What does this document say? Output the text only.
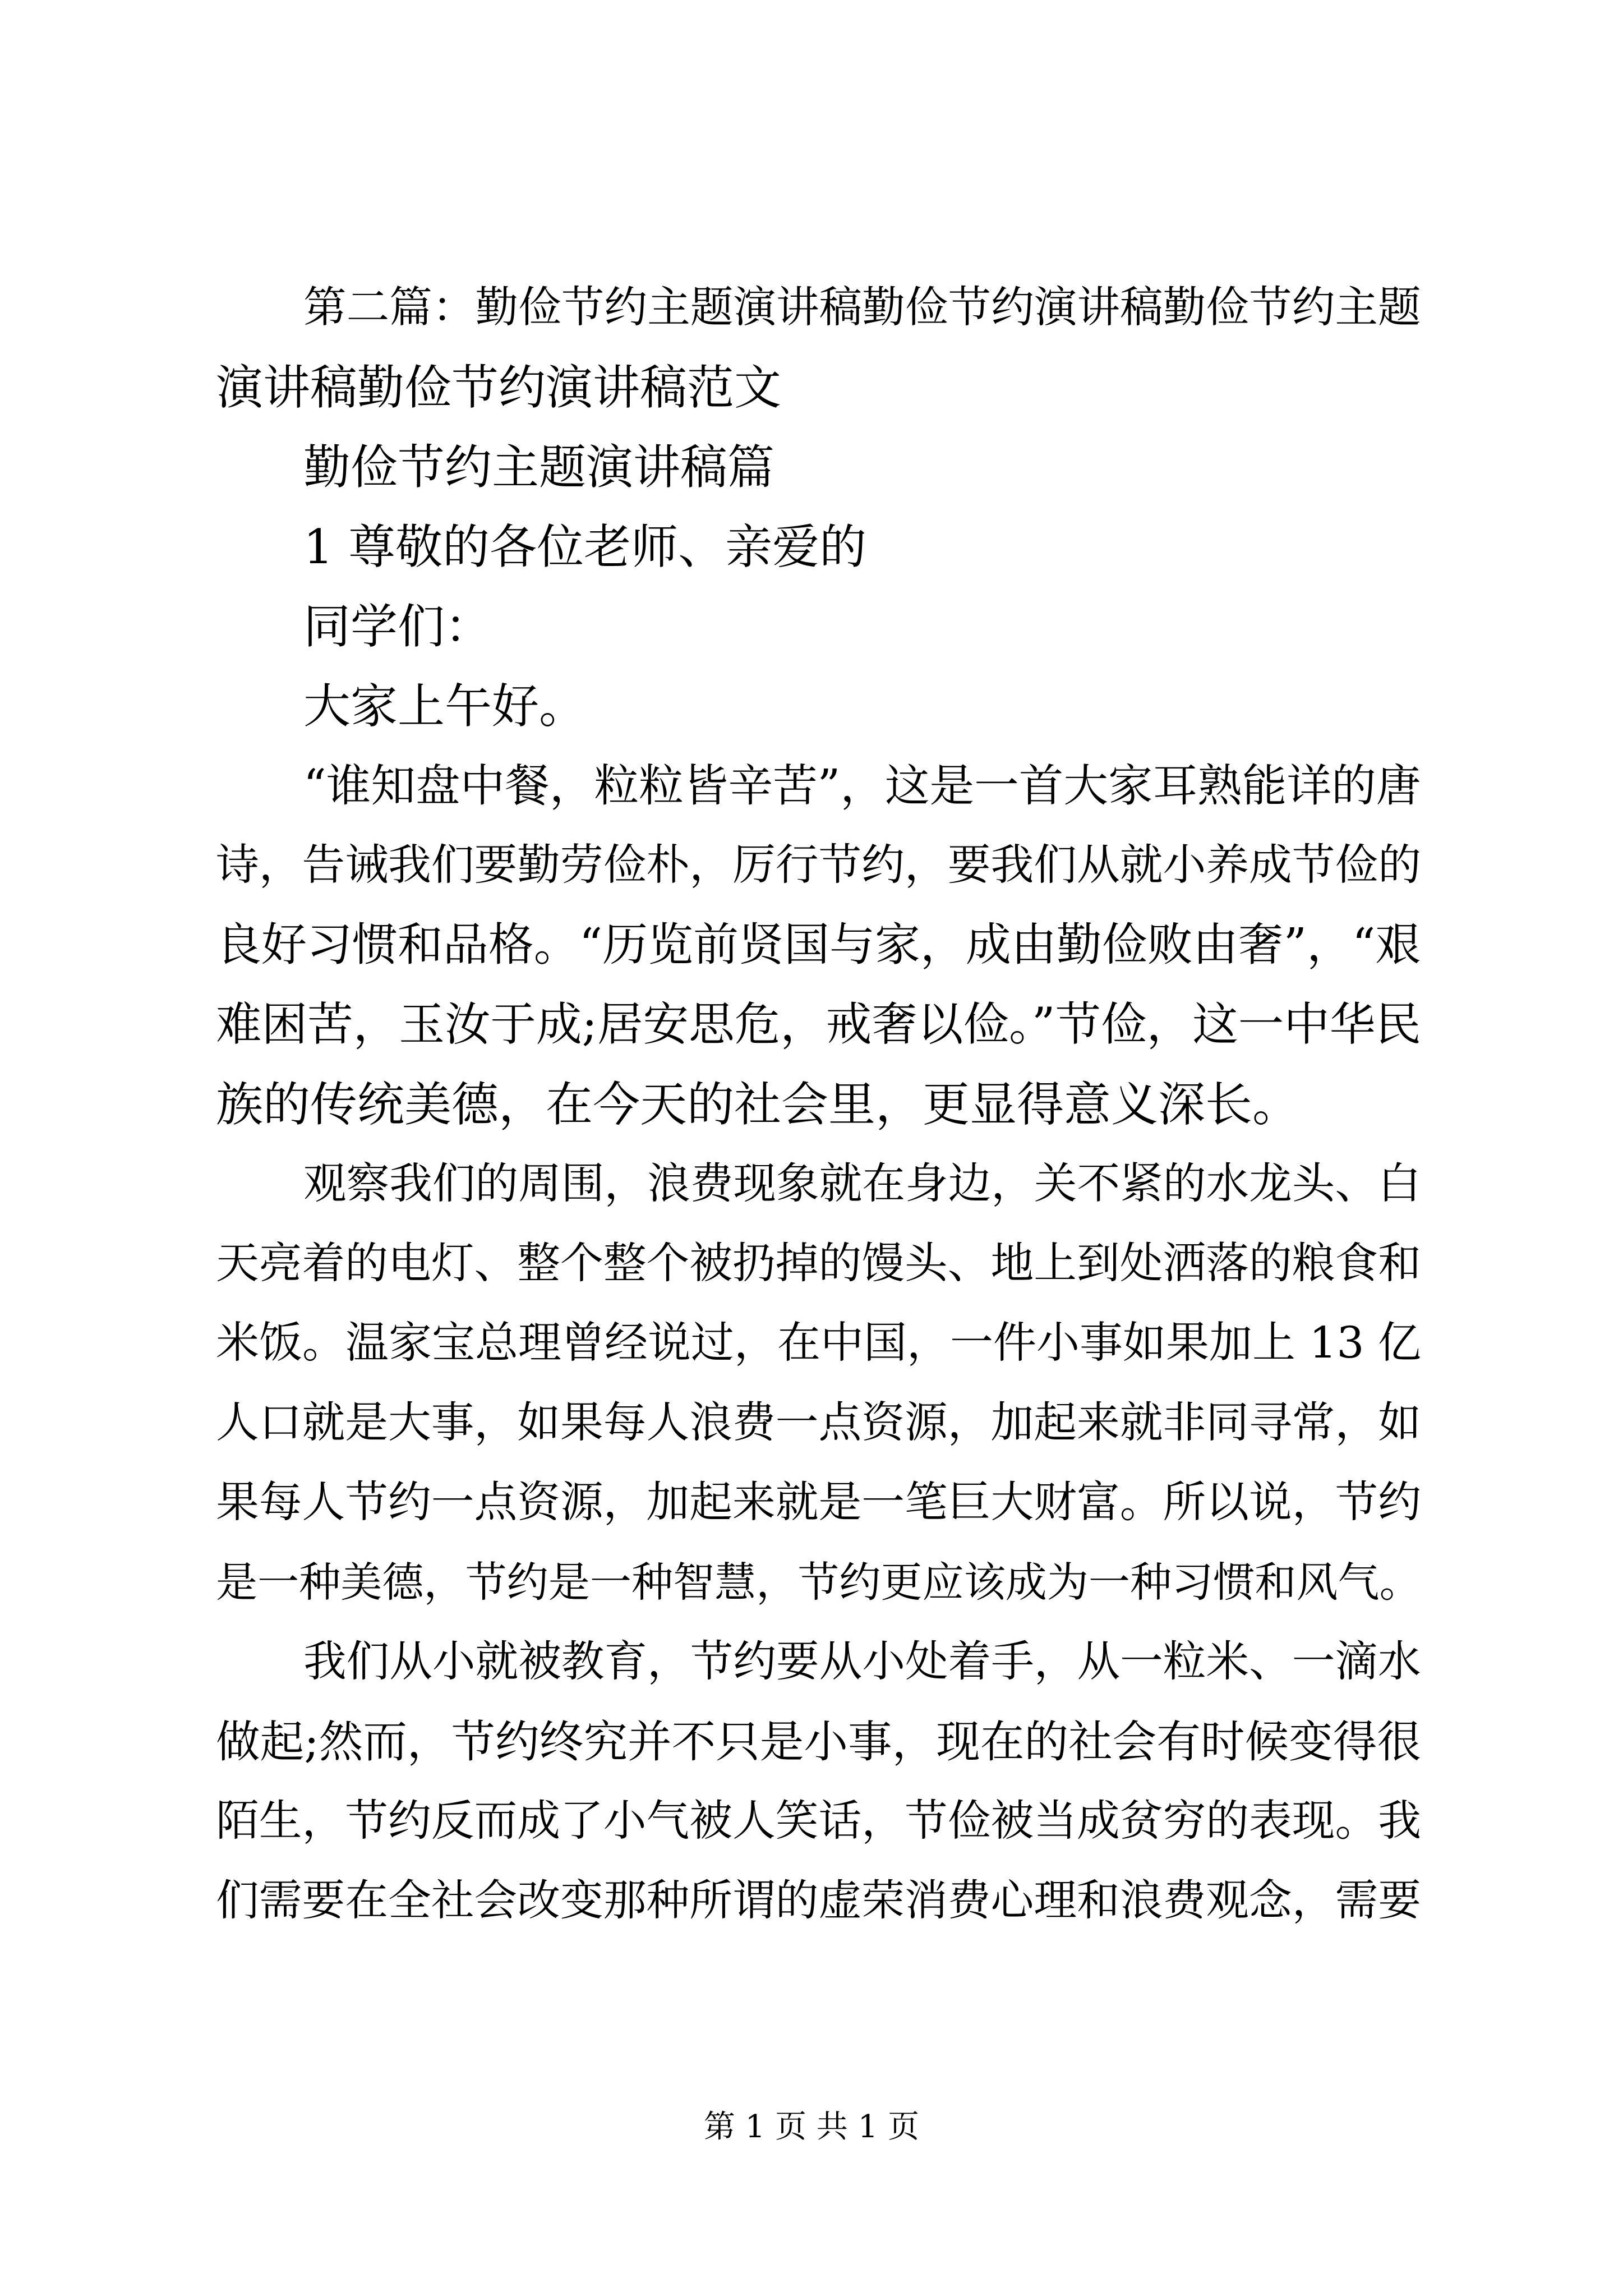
第二篇：勤俭节约主题演讲稿勤俭节约演讲稿勤俭节约主题
演讲稿勤俭节约演讲稿范文
勤俭节约主题演讲稿篇
1 尊敬的各位老师、亲爱的
同学们：
大家上午好。
“谁知盘中餐，粒粒皆辛苦”，这是一首大家耳熟能详的唐
诗，告诫我们要勤劳俭朴，厉行节约，要我们从就小养成节俭的
良好习惯和品格。“历览前贤国与家，成由勤俭败由奢”，“艰
难困苦，玉汝于成;居安思危，戒奢以俭。”节俭，这一中华民
族的传统美德，在今天的社会里，更显得意义深长。
观察我们的周围，浪费现象就在身边，关不紧的水龙头、白
天亮着的电灯、整个整个被扔掉的馒头、地上到处洒落的粮食和
米饭。温家宝总理曾经说过，在中国，一件小事如果加上 13 亿
人口就是大事，如果每人浪费一点资源，加起来就非同寻常，如
果每人节约一点资源，加起来就是一笔巨大财富。所以说，节约
是一种美德，节约是一种智慧，节约更应该成为一种习惯和风气。
我们从小就被教育，节约要从小处着手，从一粒米、一滴水
做起;然而，节约终究并不只是小事，现在的社会有时候变得很
陌生，节约反而成了小气被人笑话，节俭被当成贫穷的表现。我
们需要在全社会改变那种所谓的虚荣消费心理和浪费观念，需要
第 1 页 共 1 页
